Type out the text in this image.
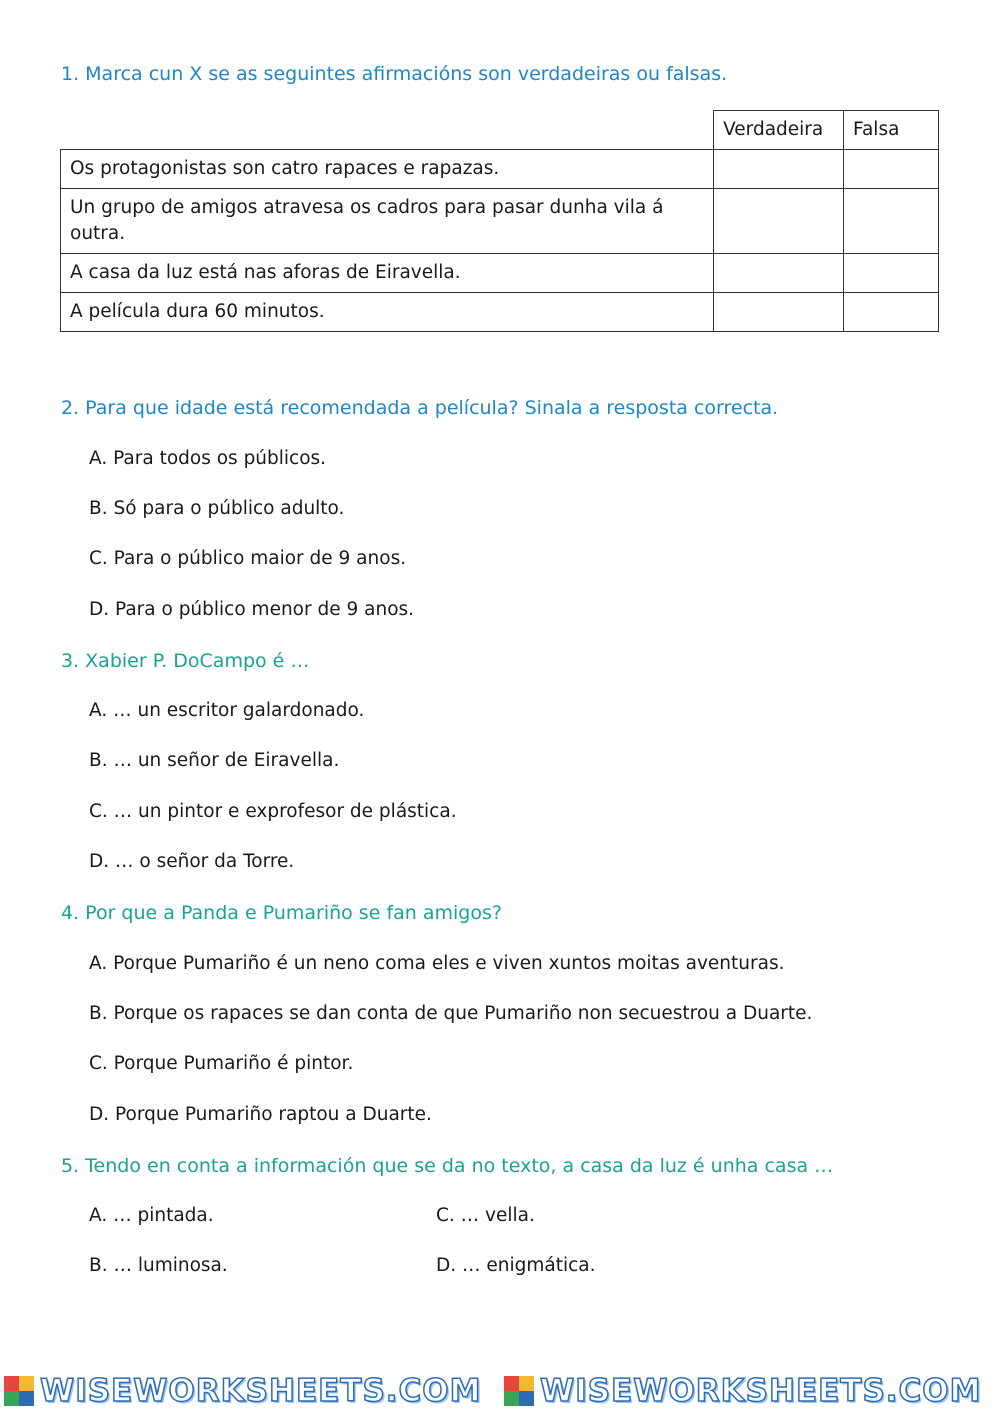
1. Marca cun X se as seguintes afirmacións son verdadeiras ou falsas.
	Verdadeira	Falsa
Os protagonistas son catro rapaces e rapazas.		
Un grupo de amigos atravesa os cadros para pasar dunha vila á outra.		
A casa da luz está nas aforas de Eiravella.		
A película dura 60 minutos.		
2. Para que idade está recomendada a película? Sinala a resposta correcta.
A. Para todos os públicos.
B. Só para o público adulto.
C. Para o público maior de 9 anos.
D. Para o público menor de 9 anos.
3. Xabier P. DoCampo é …
A. … un escritor galardonado.
B. … un señor de Eiravella.
C. … un pintor e exprofesor de plástica.
D. … o señor da Torre.
4. Por que a Panda e Pumariño se fan amigos?
A. Porque Pumariño é un neno coma eles e viven xuntos moitas aventuras.
B. Porque os rapaces se dan conta de que Pumariño non secuestrou a Duarte.
C. Porque Pumariño é pintor.
D. Porque Pumariño raptou a Duarte.
5. Tendo en conta a información que se da no texto, a casa da luz é unha casa …
A. … pintada.
B. … luminosa.
C. … vella.
D. … enigmática.
WISEWORKSHEETS.COM WISEWORKSHEETS.COM
